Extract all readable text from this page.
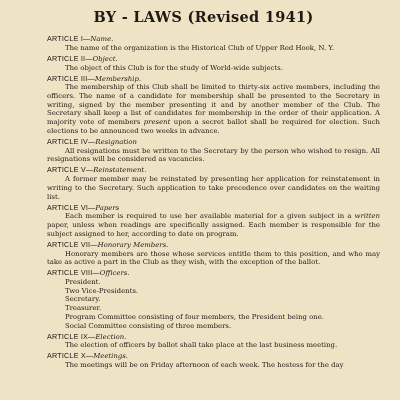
BY - LAWS (Revised 1941)

ARTICLE I—Name.

The name of the organization is the Historical Club of Upper Red Hook, N. Y.

ARTICLE II—Object.

The object of this Club is for the study of World-wide subjects.

ARTICLE III—Membership.

The membership of this Club shall be limited to thirty-six active members, including the officers. The name of a candidate for membership shall be presented to the Secretary in writing, signed by the member presenting it and by another member of the Club. The Secretary shall keep a list of candidates for membership in the order of their application. A majority vote of members present upon a secret ballot shall be required for election. Such elections to be announced two weeks in advance.

ARTICLE IV—Resignation

All resignations must be written to the Secretary by the person who wished to resign. All resignations will be considered as vacancies.

ARTICLE V—Reinstatement.

A former member may be reinstated by presenting her application for reinstatement in writing to the Secretary. Such application to take precedence over candidates on the waiting list.

ARTICLE VI—Papers

Each member is required to use her available material for a given subject in a written paper, unless when readings are specifically assigned. Each member is responsible for the subject assigned to her, according to date on program.

ARTICLE VII—Honorary Members.

Honorary members are those whose services entitle them to this position, and who may take as active a part in the Club as they wish, with the exception of the ballot.

ARTICLE VIII—Officers.

President.
Two Vice-Presidents.
Secretary.
Treasurer.
Program Committee consisting of four members, the President being one.
Social Committee consisting of three members.

ARTICLE IX—Election.

The election of officers by ballot shall take place at the last business meeting.

ARTICLE X—Meetings.

The meetings will be on Friday afternoon of each week. The hostess for the day
